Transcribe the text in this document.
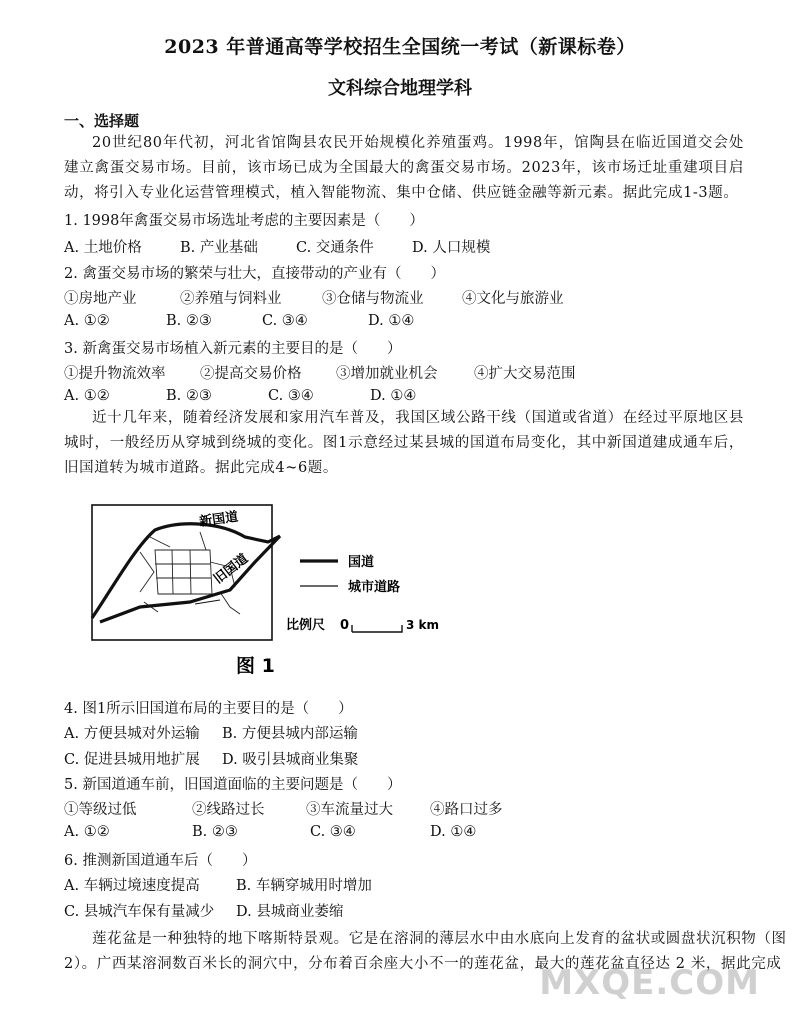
2023 年普通高等学校招生全国统一考试（新课标卷）
文科综合地理学科
一、选择题
20世纪80年代初，河北省馆陶县农民开始规模化养殖蛋鸡。1998年，馆陶县在临近国道交会处建立禽蛋交易市场。目前，该市场已成为全国最大的禽蛋交易市场。2023年，该市场迁址重建项目启动，将引入专业化运营管理模式，植入智能物流、集中仓储、供应链金融等新元素。据此完成1-3题。
1. 1998年禽蛋交易市场选址考虑的主要因素是（　　）
A. 土地价格	B. 产业基础	C. 交通条件	D. 人口规模
2. 禽蛋交易市场的繁荣与壮大，直接带动的产业有（　　）
①房地产业	②养殖与饲料业	③仓储与物流业	④文化与旅游业
A. ①②	B. ②③	C. ③④	D. ①④
3. 新禽蛋交易市场植入新元素的主要目的是（　　）
①提升物流效率 ②提高交易价格 ③增加就业机会	④扩大交易范围
A. ①②	B. ②③	C. ③④	D. ①④
近十几年来，随着经济发展和家用汽车普及，我国区域公路干线（国道或省道）在经过平原地区县城时，一般经历从穿城到绕城的变化。图1示意经过某县城的国道布局变化，其中新国道建成通车后，旧国道转为城市道路。据此完成4~6题。
新国道
旧国道	国道
城市道路
比例尺 0	3 km
图 1
4. 图1所示旧国道布局的主要目的是（　　）
A. 方便县城对外运输 B. 方便县城内部运输
C. 促进县城用地扩展 D. 吸引县城商业集聚
5. 新国道通车前，旧国道面临的主要问题是（　　）
①等级过低	②线路过长	③车流量过大	④路口过多
A. ①②	B. ②③	C. ③④	D. ①④
6. 推测新国道通车后（　　）
A. 车辆过境速度提高	B. 车辆穿城用时增加
C. 县城汽车保有量减少 D. 县城商业萎缩
莲花盆是一种独特的地下喀斯特景观。它是在溶洞的薄层水中由水底向上发育的盆状或圆盘状沉积物（图
2）。广西某溶洞数百米长的洞穴中，分布着百余座大小不一的莲花盆，最大的莲花盆直径达 2 米，据此完成
MXQE.COM
